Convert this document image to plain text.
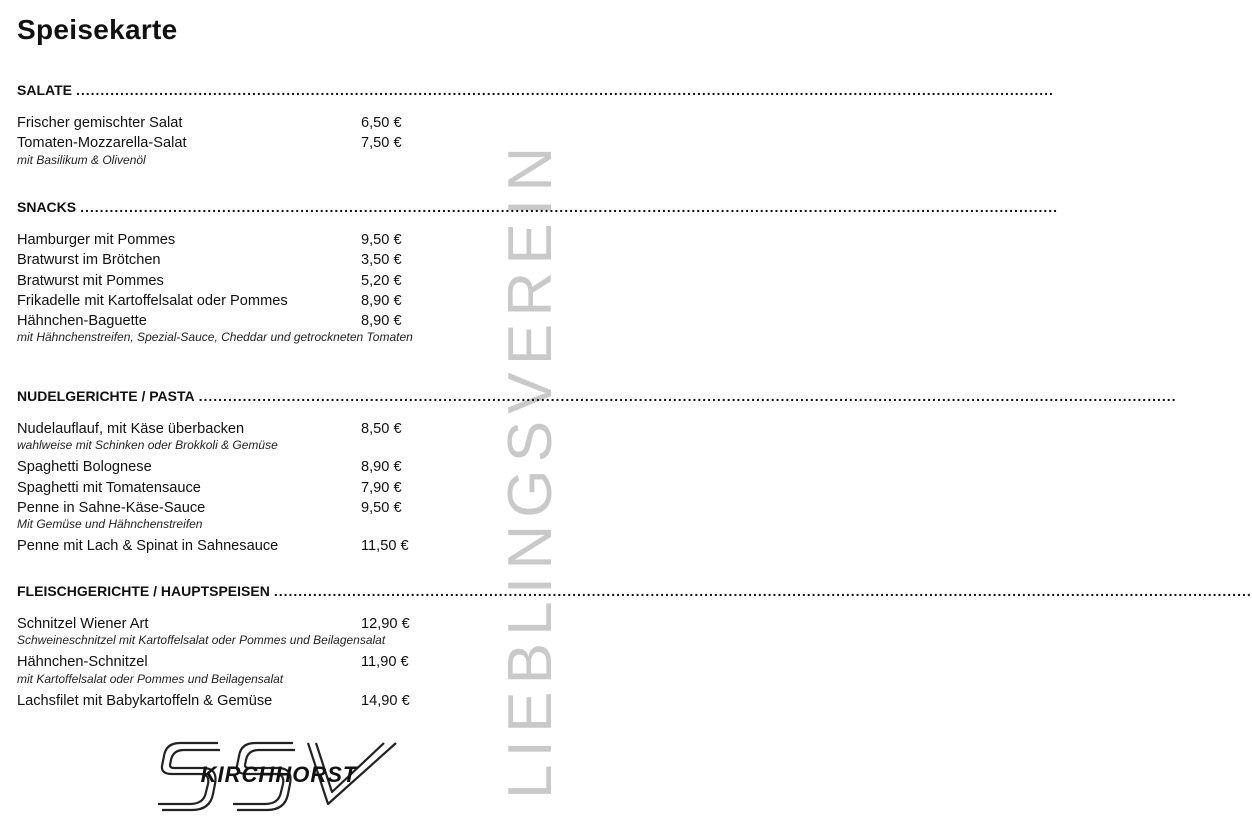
Speisekarte
LIEBLINGSVEREIN
SALATE ........................................................................................................................................................................................................
Frischer gemischter Salat	6,50 €
Tomaten-Mozzarella-Salat	7,50 €
mit Basilikum & Olivenöl
SNACKS ........................................................................................................................................................................................................
Hamburger mit Pommes	9,50 €
Bratwurst im Brötchen	3,50 €
Bratwurst mit Pommes	5,20 €
Frikadelle mit Kartoffelsalat oder Pommes	8,90 €
Hähnchen-Baguette	8,90 €
mit Hähnchenstreifen, Spezial-Sauce, Cheddar und getrockneten Tomaten
NUDELGERICHTE / PASTA ........................................................................................................................................................................................................
Nudelauflauf, mit Käse überbacken	8,50 €
wahlweise mit Schinken oder Brokkoli & Gemüse
Spaghetti Bolognese	8,90 €
Spaghetti mit Tomatensauce	7,90 €
Penne in Sahne-Käse-Sauce	9,50 €
Mit Gemüse und Hähnchenstreifen
Penne mit Lach & Spinat in Sahnesauce	11,50 €
FLEISCHGERICHTE / HAUPTSPEISEN ........................................................................................................................................................................................................
Schnitzel Wiener Art	12,90 €
Schweineschnitzel mit Kartoffelsalat oder Pommes und Beilagensalat
Hähnchen-Schnitzel	11,90 €
mit Kartoffelsalat oder Pommes und Beilagensalat
Lachsfilet mit Babykartoffeln & Gemüse	14,90 €
KIRCHHORST
